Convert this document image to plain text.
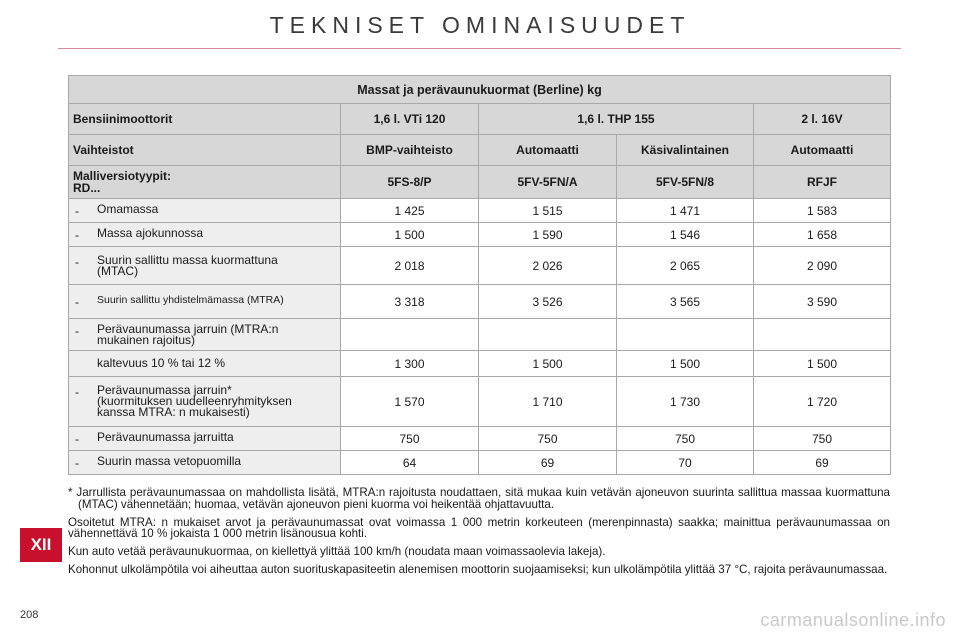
TEKNISET OMINAISUUDET
Massat ja perävaunukuormat (Berline) kg				
Bensiinimoottorit	1,6 l. VTi 120	1,6 l. THP 155		2 l. 16V
Vaihteistot	BMP-vaihteisto	Automaatti	Käsivalintainen	Automaatti

Malliversiotyypit:
RD...	5FS-8/P	5FV-5FN/A	5FV-5FN/8	RFJF

- Omamassa	1 425	1 515	1 471	1 583

- Massa ajokunnossa	1 500	1 590	1 546	1 658

- Suurin sallittu massa kuormattuna
(MTAC)	2 018	2 026	2 065	2 090

- Suurin sallittu yhdistelmämassa (MTRA)	3 318	3 526	3 565	3 590

- Perävaunumassa jarruin (MTRA:n
mukainen rajoitus)				

kaltevuus 10 % tai 12 %	1 300	1 500	1 500	1 500

- Perävaunumassa jarruin*
(kuormituksen uudelleenryhmityksen
kanssa MTRA: n mukaisesti)	1 570	1 710	1 730	1 720

- Perävaunumassa jarruitta	750	750	750	750

- Suurin massa vetopuomilla	64	69	70	69

* Jarrullista perävaunumassaa on mahdollista lisätä, MTRA:n rajoitusta noudattaen, sitä mukaa kuin vetävän ajoneuvon suurinta sallittua massaa kuormattuna (MTAC) vähennetään; huomaa, vetävän ajoneuvon pieni kuorma voi heikentää ohjattavuutta.

Osoitetut MTRA: n mukaiset arvot ja perävaunumassat ovat voimassa 1 000 metrin korkeuteen (merenpinnasta) saakka; mainittua perävaunumassaa on vähennettävä 10 % jokaista 1 000 metrin lisänousua kohti.

Kun auto vetää perävaunukuormaa, on kiellettyä ylittää 100 km/h (noudata maan voimassaolevia lakeja).

Kohonnut ulkolämpötila voi aiheuttaa auton suorituskapasiteetin alenemisen moottorin suojaamiseksi; kun ulkolämpötila ylittää 37 °C, rajoita perävaunumassaa.

XII
208	carmanualsonline.info
